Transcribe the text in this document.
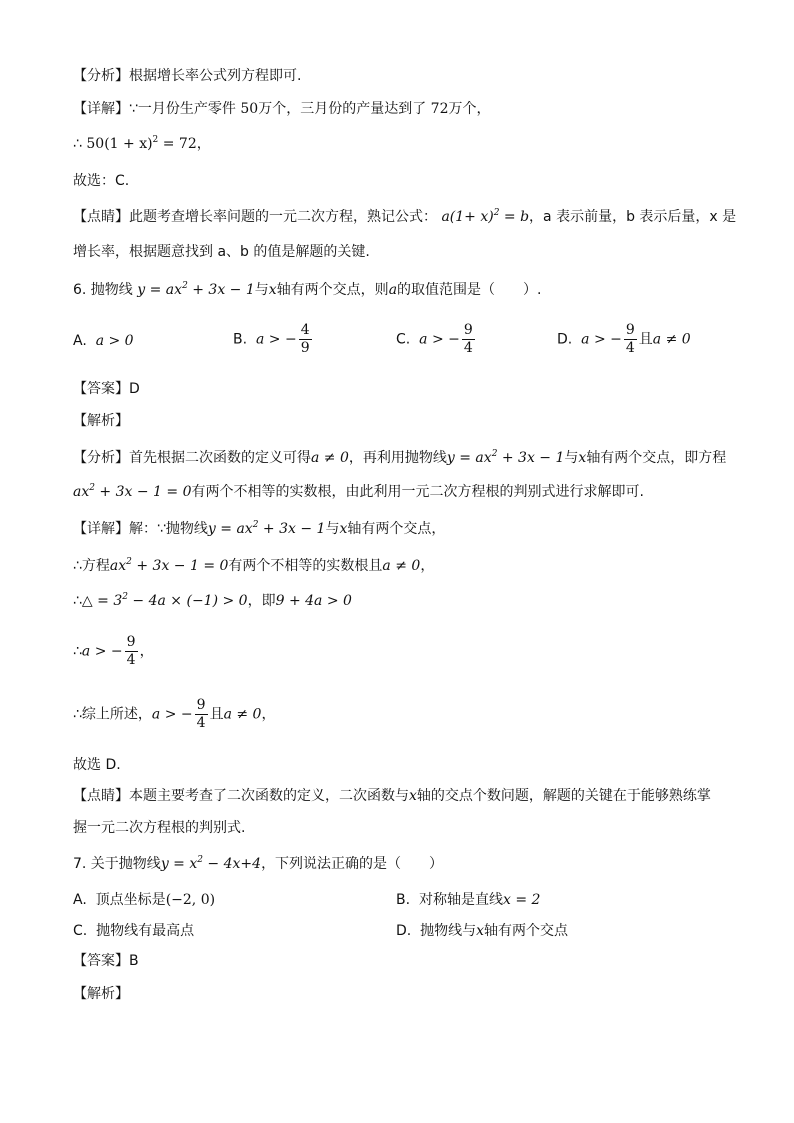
【分析】根据增长率公式列方程即可.
【详解】∵一月份生产零件 50万个，三月份的产量达到了 72万个，
∴ $50(1 + x)^2 = 72$，
故选：C.
【点睛】此题考查增长率问题的一元二次方程，熟记公式： $a(1+ x)^2 = b$，a 表示前量，b 表示后量，x 是
增长率，根据题意找到 a、b 的值是解题的关键.
6. 抛物线 $y = ax^2 + 3x - 1$与x轴有两个交点，则a的取值范围是（　　）.
A. a > 0	B. a > − $\frac{4}{9}$	C. a > − $\frac{9}{4}$	D. a > − $\frac{9}{4}$ 且a ≠ 0
【答案】D
【解析】
【分析】首先根据二次函数的定义可得a ≠ 0，再利用抛物线$y = ax^2 + 3x - 1$与x轴有两个交点，即方程
$ax^2 + 3x - 1 = 0$有两个不相等的实数根，由此利用一元二次方程根的判别式进行求解即可.
【详解】解：∵抛物线$y = ax^2 + 3x - 1$与x轴有两个交点，
∴方程$ax^2 + 3x - 1 = 0$有两个不相等的实数根且a ≠ 0，
∴△ = $3^2 - 4a \times (-1) > 0$，即9 + 4a > 0
∴a > − $\frac{9}{4}$ ，
∴综上所述，a > − $\frac{9}{4}$ 且a ≠ 0，
故选 D.
【点睛】本题主要考查了二次函数的定义，二次函数与x轴的交点个数问题，解题的关键在于能够熟练掌
握一元二次方程根的判别式.
7. 关于抛物线$y = x^2 - 4x+4$，下列说法正确的是（　　）
A. 顶点坐标是(−2, 0)	B. 对称轴是直线x = 2
C. 抛物线有最高点	D. 抛物线与x轴有两个交点
【答案】B
【解析】
